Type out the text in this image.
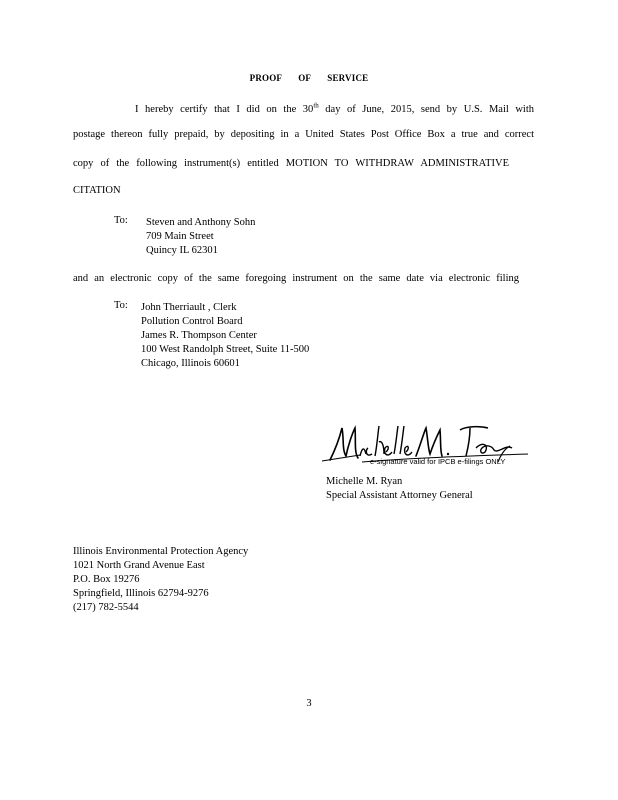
PROOF OF SERVICE
I hereby certify that I did on the 30th day of June, 2015, send by U.S. Mail with
postage thereon fully prepaid, by depositing in a United States Post Office Box a true and correct
copy of the following instrument(s) entitled MOTION TO WITHDRAW ADMINISTRATIVE
CITATION
To: Steven and Anthony Sohn
709 Main Street
Quincy IL 62301
and an electronic copy of the same foregoing instrument on the same date via electronic filing
To: John Therriault , Clerk
Pollution Control Board
James R. Thompson Center
100 West Randolph Street, Suite 11-500
Chicago, Illinois 60601
e-signature valid for IPCB e-filings ONLY
Michelle M. Ryan
Special Assistant Attorney General
Illinois Environmental Protection Agency
1021 North Grand Avenue East
P.O. Box 19276
Springfield, Illinois 62794-9276
(217) 782-5544
3
